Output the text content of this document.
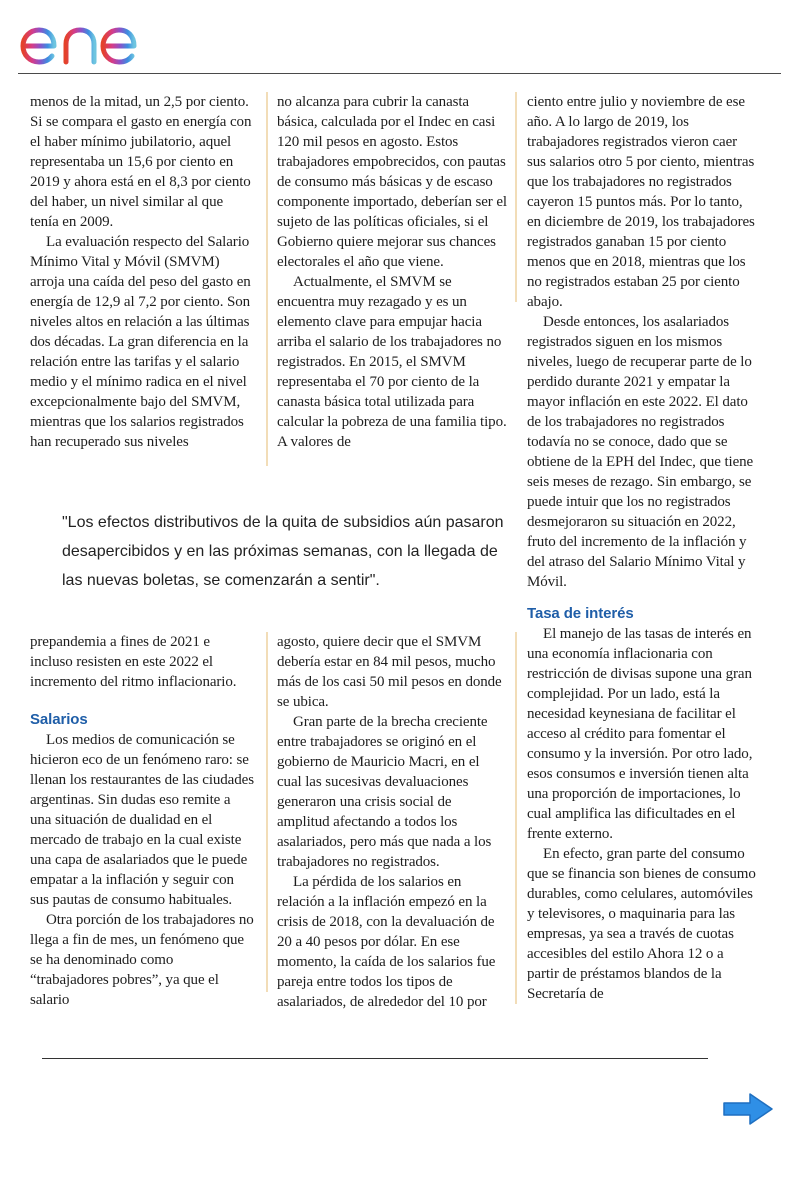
menos de la mitad, un 2,5 por ciento. Si se compara el gasto en energía con el haber mínimo jubilatorio, aquel representaba un 15,6 por ciento en 2019 y ahora está en el 8,3 por ciento del haber, un nivel similar al que tenía en 2009.

La evaluación respecto del Salario Mínimo Vital y Móvil (SMVM) arroja una caída del peso del gasto en energía de 12,9 al 7,2 por ciento. Son niveles altos en relación a las últimas dos décadas. La gran diferencia en la relación entre las tarifas y el salario medio y el mínimo radica en el nivel excepcionalmente bajo del SMVM, mientras que los salarios registrados han recuperado sus niveles

no alcanza para cubrir la canasta básica, calculada por el Indec en casi 120 mil pesos en agosto. Estos trabajadores empobrecidos, con pautas de consumo más básicas y de escaso componente importado, deberían ser el sujeto de las políticas oficiales, si el Gobierno quiere mejorar sus chances electorales el año que viene.

Actualmente, el SMVM se encuentra muy rezagado y es un elemento clave para empujar hacia arriba el salario de los trabajadores no registrados. En 2015, el SMVM representaba el 70 por ciento de la canasta básica total utilizada para calcular la pobreza de una familia tipo. A valores de

ciento entre julio y noviembre de ese año. A lo largo de 2019, los trabajadores registrados vieron caer sus salarios otro 5 por ciento, mientras que los trabajadores no registrados cayeron 15 puntos más. Por lo tanto, en diciembre de 2019, los trabajadores registrados ganaban 15 por ciento menos que en 2018, mientras que los no registrados estaban 25 por ciento abajo.

Desde entonces, los asalariados registrados siguen en los mismos niveles, luego de recuperar parte de lo perdido durante 2021 y empatar la mayor inflación en este 2022. El dato de los trabajadores no registrados todavía no se conoce, dado que se obtiene de la EPH del Indec, que tiene seis meses de rezago. Sin embargo, se puede intuir que los no registrados desmejoraron su situación en 2022, fruto del incremento de la inflación y del atraso del Salario Mínimo Vital y Móvil.

Tasa de interés

El manejo de las tasas de interés en una economía inflacionaria con restricción de divisas supone una gran complejidad. Por un lado, está la necesidad keynesiana de facilitar el acceso al crédito para fomentar el consumo y la inversión. Por otro lado, esos consumos e inversión tienen alta una proporción de importaciones, lo cual amplifica las dificultades en el frente externo.

En efecto, gran parte del consumo que se financia son bienes de consumo durables, como celulares, automóviles y televisores, o maquinaria para las empresas, ya sea a través de cuotas accesibles del estilo Ahora 12 o a partir de préstamos blandos de la Secretaría de

"Los efectos distributivos de la quita de subsidios aún pasaron desapercibidos y en las próximas semanas, con la llegada de las nuevas boletas, se comenzarán a sentir".

prepandemia a fines de 2021 e incluso resisten en este 2022 el incremento del ritmo inflacionario.

Salarios

Los medios de comunicación se hicieron eco de un fenómeno raro: se llenan los restaurantes de las ciudades argentinas. Sin dudas eso remite a una situación de dualidad en el mercado de trabajo en la cual existe una capa de asalariados que le puede empatar a la inflación y seguir con sus pautas de consumo habituales.

Otra porción de los trabajadores no llega a fin de mes, un fenómeno que se ha denominado como “trabajadores pobres”, ya que el salario

agosto, quiere decir que el SMVM debería estar en 84 mil pesos, mucho más de los casi 50 mil pesos en donde se ubica.

Gran parte de la brecha creciente entre trabajadores se originó en el gobierno de Mauricio Macri, en el cual las sucesivas devaluaciones generaron una crisis social de amplitud afectando a todos los asalariados, pero más que nada a los trabajadores no registrados.

La pérdida de los salarios en relación a la inflación empezó en la crisis de 2018, con la devaluación de 20 a 40 pesos por dólar. En ese momento, la caída de los salarios fue pareja entre todos los tipos de asalariados, de alrededor del 10 por
